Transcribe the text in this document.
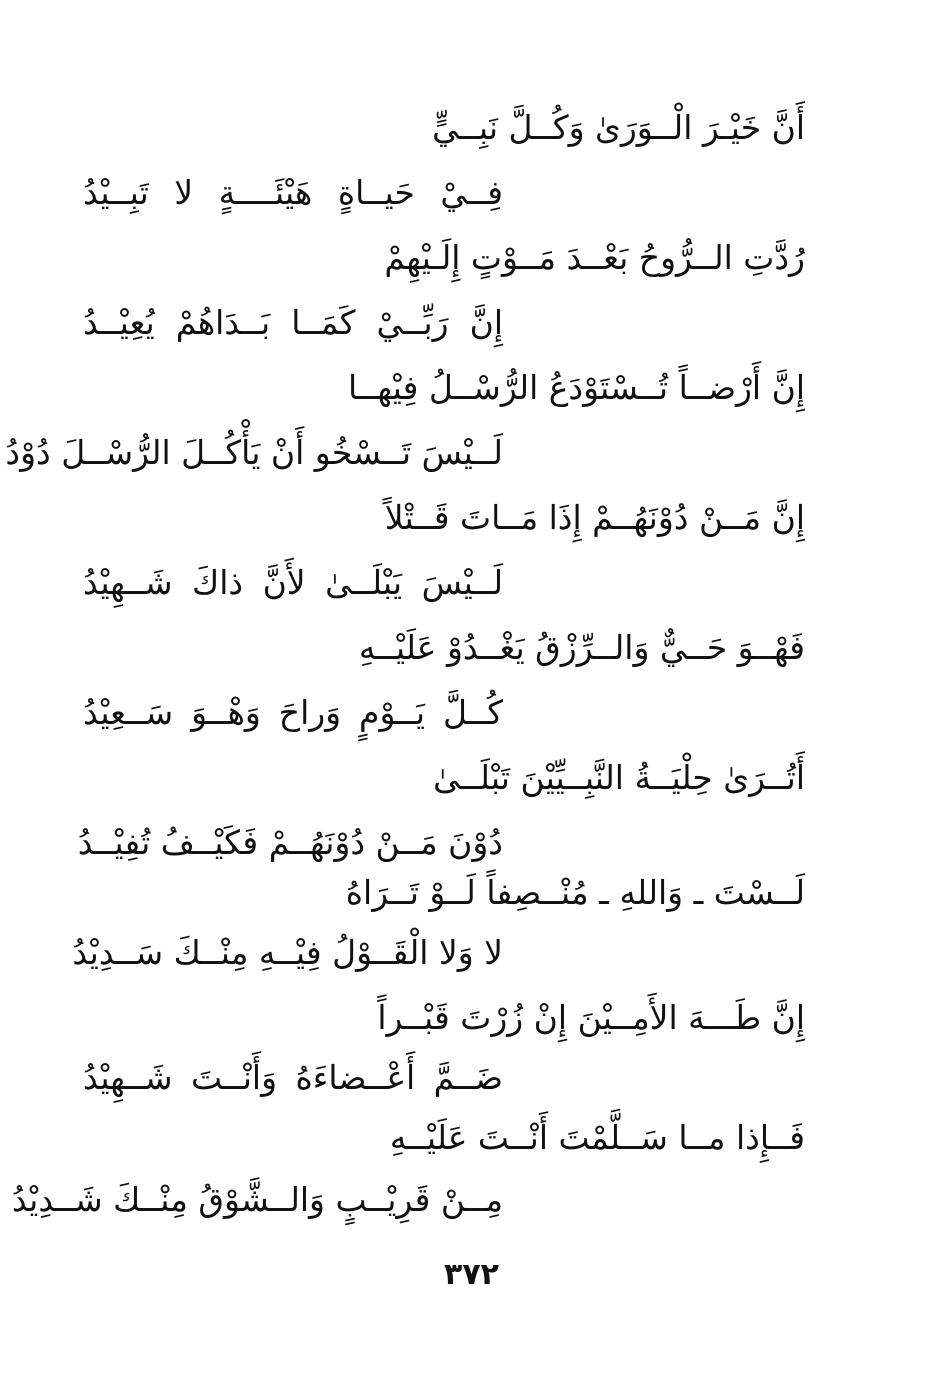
أَنَّ خَيْـرَ الْــوَرَىٰ وَكُــلَّ نَبِــيٍّ
فِــيْ حَيــاةٍ هَيْئَــــةٍ لا تَبِــيْدُ
رُدَّتِ الــرُّوحُ بَعْــدَ مَــوْتٍ إِلَـيْهِمْ
إِنَّ رَبِّــيْ كَمَــا بَــدَاهُمْ يُعِيْــدُ
إِنَّ أَرْضــاً تُــسْتَوْدَعُ الرُّسْــلُ فِيْهــا
لَــيْسَ تَــسْخُو أَنْ يَأْكُــلَ الرُّسْــلَ دُوْدُ
إِنَّ مَــنْ دُوْنَهُــمْ إِذَا مَــاتَ قَــتْلاً
لَــيْسَ يَبْلَــىٰ لأَنَّ ذاكَ شَــهِيْدُ
فَهْــوَ حَــيٌّ وَالــرِّزْقُ يَغْــدُوْ عَلَيْــهِ
كُــلَّ يَــوْمٍ وَراحَ وَهْــوَ سَــعِيْدُ
أَتُــرَىٰ حِلْيَــةُ النَّبِــيِّيْنَ تَبْلَــىٰ
دُوْنَ مَــنْ دُوْنَهُــمْ فَكَيْــفُ تُفِيْــدُ
لَــسْتَ ـ وَاللهِ ـ مُنْــصِفاً لَــوْ تَــرَاهُ
لا وَلا الْقَــوْلُ فِيْــهِ مِنْــكَ سَــدِيْدُ
إِنَّ طَـــهَ الأَمِــيْنَ إِنْ زُرْتَ قَبْــراً
ضَــمَّ أَعْــضاءَهُ وَأَنْــتَ شَــهِيْدُ
فَــإِذا مــا سَــلَّمْتَ أَنْــتَ عَلَيْــهِ
مِــنْ قَرِيْــبٍ وَالــشَّوْقُ مِنْــكَ شَــدِيْدُ
٣٧٢
